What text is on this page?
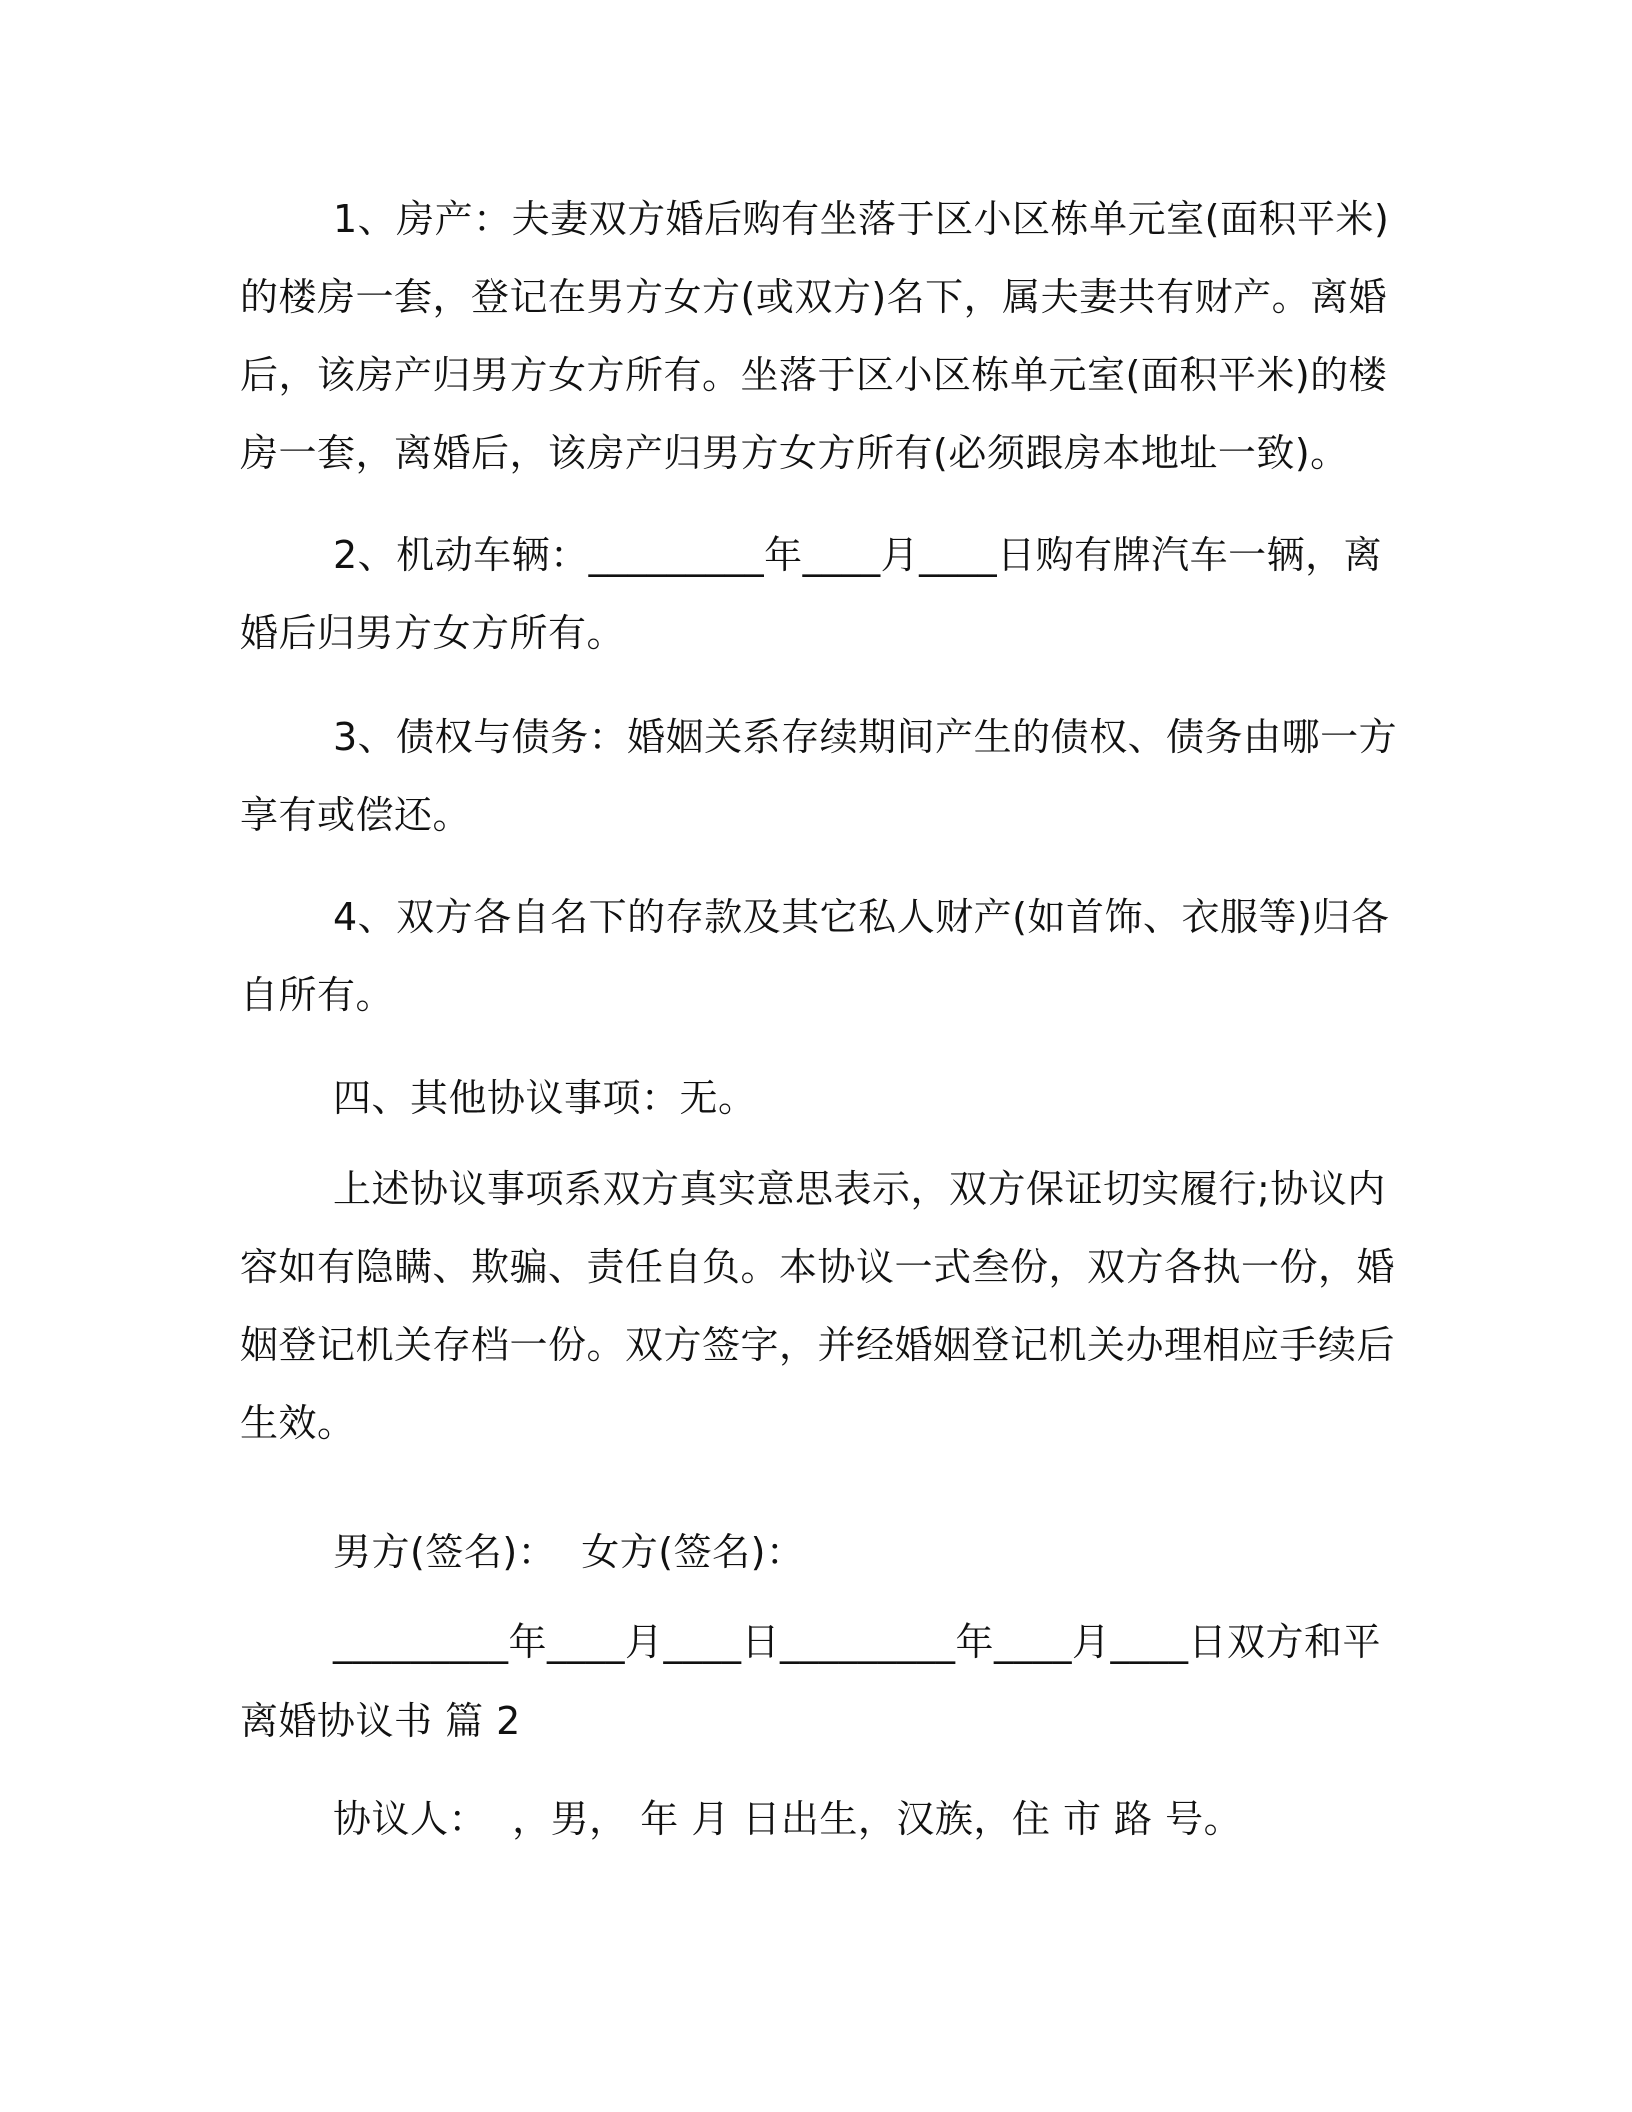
1、房产：夫妻双方婚后购有坐落于区小区栋单元室(面积平米)的楼房一套，登记在男方女方(或双方)名下，属夫妻共有财产。离婚后，该房产归男方女方所有。坐落于区小区栋单元室(面积平米)的楼房一套，离婚后，该房产归男方女方所有(必须跟房本地址一致)。

2、机动车辆：_________年____月____日购有牌汽车一辆，离婚后归男方女方所有。

3、债权与债务：婚姻关系存续期间产生的债权、债务由哪一方享有或偿还。

4、双方各自名下的存款及其它私人财产(如首饰、衣服等)归各自所有。

四、其他协议事项：无。

上述协议事项系双方真实意思表示，双方保证切实履行;协议内容如有隐瞒、欺骗、责任自负。本协议一式叁份，双方各执一份，婚姻登记机关存档一份。双方签字，并经婚姻登记机关办理相应手续后生效。

男方(签名)：  女方(签名)：

_________年____月____日_________年____月____日双方和平

离婚协议书 篇 2

协议人：  ，男， 年 月 日出生，汉族，住 市 路 号。
